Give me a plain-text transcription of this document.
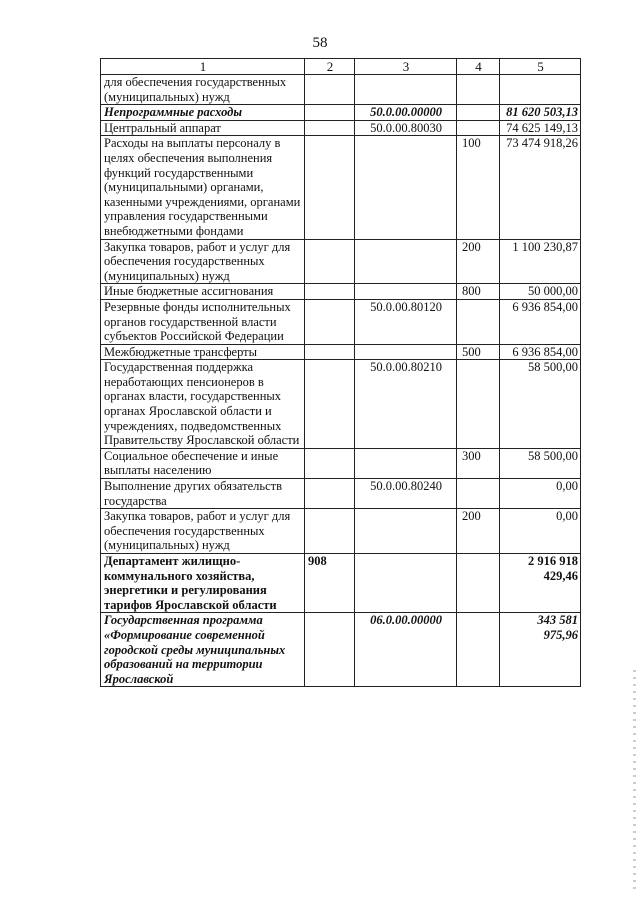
58
1	2	3	4	5
для обеспечения государственных (муниципальных) нужд				
Непрограммные расходы		50.0.00.00000		81 620 503,13
Центральный аппарат		50.0.00.80030		74 625 149,13
Расходы на выплаты персоналу в целях обеспечения выполнения функций государственными (муниципальными) органами, казенными учреждениями, органами управления государственными внебюджетными фондами			100	73 474 918,26
Закупка товаров, работ и услуг для обеспечения государственных (муниципальных) нужд			200	1 100 230,87
Иные бюджетные ассигнования			800	50 000,00
Резервные фонды исполнительных органов государственной власти субъектов Российской Федерации		50.0.00.80120		6 936 854,00
Межбюджетные трансферты			500	6 936 854,00
Государственная поддержка неработающих пенсионеров в органах власти, государственных органах Ярославской области и учреждениях, подведомственных Правительству Ярославской области		50.0.00.80210		58 500,00
Социальное обеспечение и иные выплаты населению			300	58 500,00
Выполнение других обязательств государства		50.0.00.80240		0,00
Закупка товаров, работ и услуг для обеспечения государственных (муниципальных) нужд			200	0,00
Департамент жилищно-коммунального хозяйства, энергетики и регулирования тарифов Ярославской области	908			2 916 918 429,46
Государственная программа «Формирование современной городской среды муниципальных образований на территории Ярославской		06.0.00.00000		343 581 975,96
